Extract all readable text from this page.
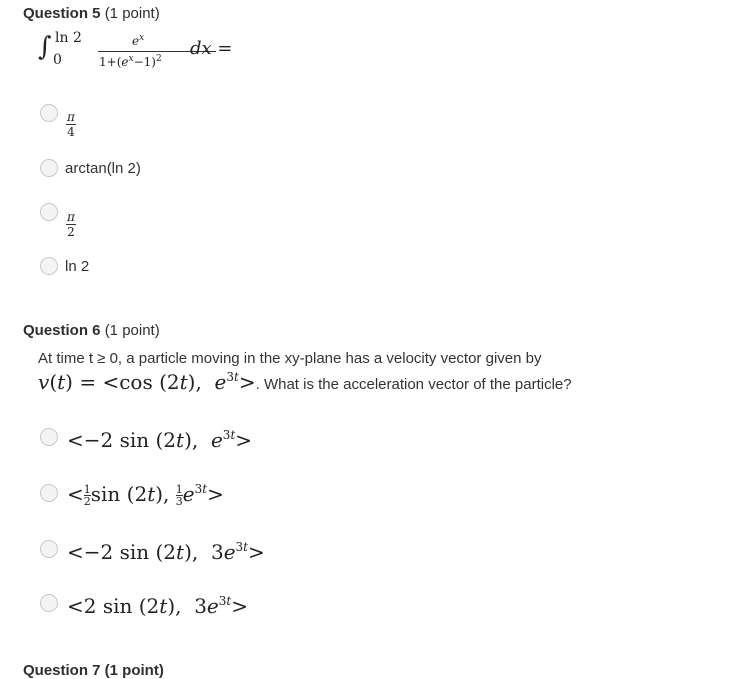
Question 5 (1 point)
∫ ln 2
0
$e^x$
$1+(e^x-1)^2$ dx =
$\frac{\pi}{4}$
arctan(ln 2)
$\frac{\pi}{2}$
ln 2
Question 6 (1 point)
At time t ≥ 0, a particle moving in the xy-plane has a velocity vector given by
v(t) = <cos (2t),  $e^{3t}>$. What is the acceleration vector of the particle?
<−2 sin (2t),  $e^{3t}>$
< $\frac{1}{2}$ sin (2t), $\frac{1}{3} e^{3t}>$
<−2 sin (2t),  $3e^{3t}>$
<2 sin (2t),  $3e^{3t}>$
Question 7 (1 point)
